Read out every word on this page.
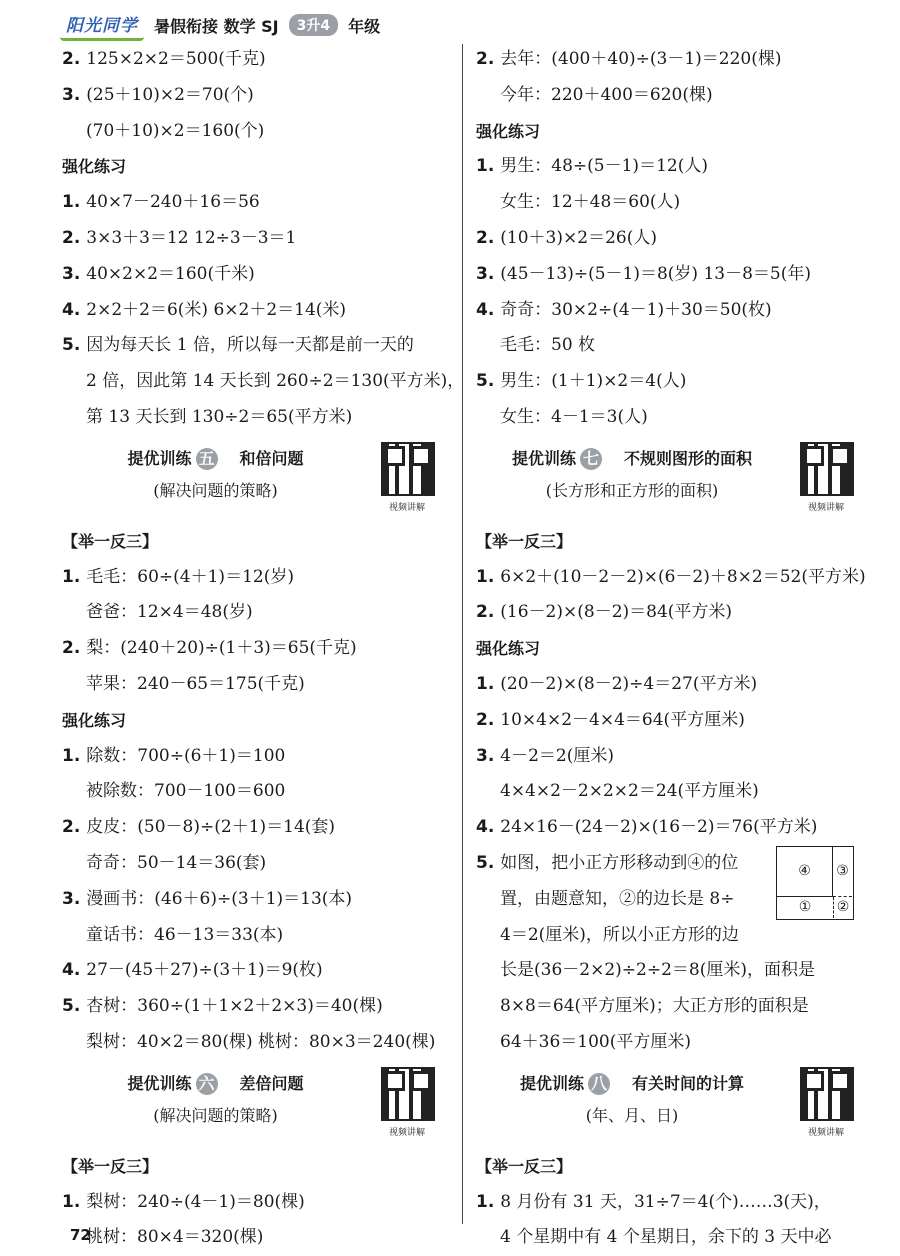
阳光同学	暑假衔接 数学 SJ	3升4	年级
2. 125×2×2＝500(千克)
3. (25＋10)×2＝70(个)
(70＋10)×2＝160(个)
强化练习
1. 40×7－240＋16＝56
2. 3×3＋3＝12 12÷3－3＝1
3. 40×2×2＝160(千米)
4. 2×2＋2＝6(米) 6×2＋2＝14(米)
5. 因为每天长 1 倍，所以每一天都是前一天的
2 倍，因此第 14 天长到 260÷2＝130(平方米)，
第 13 天长到 130÷2＝65(平方米)
提优训练 五 和倍问题
(解决问题的策略)
视频讲解
【举一反三】
1. 毛毛：60÷(4＋1)＝12(岁)
爸爸：12×4＝48(岁)
2. 梨：(240＋20)÷(1＋3)＝65(千克)
苹果：240－65＝175(千克)
强化练习
1. 除数：700÷(6＋1)＝100
被除数：700－100＝600
2. 皮皮：(50－8)÷(2＋1)＝14(套)
奇奇：50－14＝36(套)
3. 漫画书：(46＋6)÷(3＋1)＝13(本)
童话书：46－13＝33(本)
4. 27－(45＋27)÷(3＋1)＝9(枚)
5. 杏树：360÷(1＋1×2＋2×3)＝40(棵)
梨树：40×2＝80(棵) 桃树：80×3＝240(棵)
提优训练 六 差倍问题
(解决问题的策略)
视频讲解
【举一反三】
1. 梨树：240÷(4－1)＝80(棵)
桃树：80×4＝320(棵)
2. 去年：(400＋40)÷(3－1)＝220(棵)
今年：220＋400＝620(棵)
强化练习
1. 男生：48÷(5－1)＝12(人)
女生：12＋48＝60(人)
2. (10＋3)×2＝26(人)
3. (45－13)÷(5－1)＝8(岁) 13－8＝5(年)
4. 奇奇：30×2÷(4－1)＋30＝50(枚)
毛毛：50 枚
5. 男生：(1＋1)×2＝4(人)
女生：4－1＝3(人)
提优训练 七 不规则图形的面积
(长方形和正方形的面积)
视频讲解
【举一反三】
1. 6×2＋(10－2－2)×(6－2)＋8×2＝52(平方米)
2. (16－2)×(8－2)＝84(平方米)
强化练习
1. (20－2)×(8－2)÷4＝27(平方米)
2. 10×4×2－4×4＝64(平方厘米)
3. 4－2＝2(厘米)
4×4×2－2×2×2＝24(平方厘米)
4. 24×16－(24－2)×(16－2)＝76(平方米)
5. 如图，把小正方形移动到④的位
置，由题意知，②的边长是 8÷
4＝2(厘米)，所以小正方形的边
长是(36－2×2)÷2÷2＝8(厘米)，面积是
8×8＝64(平方厘米)；大正方形的面积是
64＋36＝100(平方厘米)
④	③
①	②
提优训练 八 有关时间的计算
(年、月、日)
视频讲解
【举一反三】
1. 8 月份有 31 天，31÷7＝4(个)……3(天)，
4 个星期中有 4 个星期日，余下的 3 天中必
72
